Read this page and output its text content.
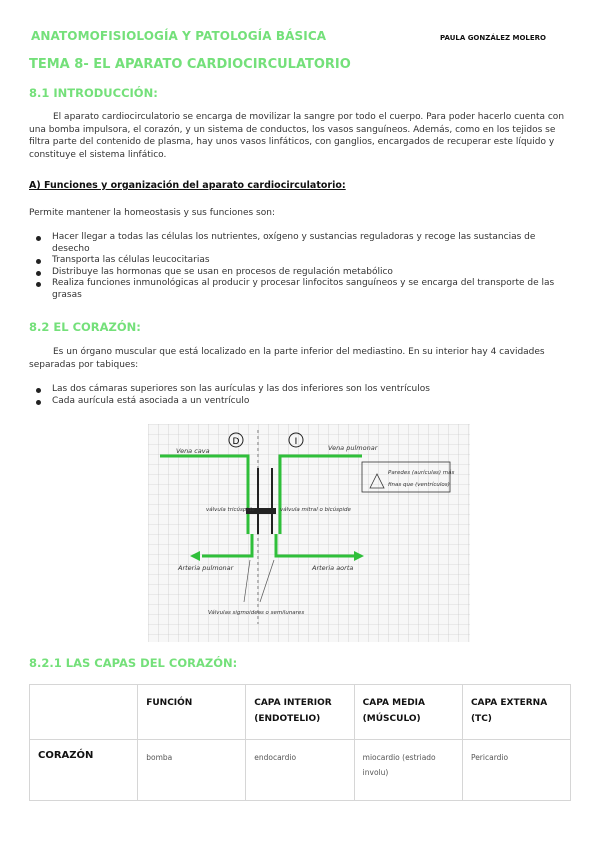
ANATOMOFISIOLOGÍA Y PATOLOGÍA BÁSICA	PAULA GONZÁLEZ MOLERO
TEMA 8- EL APARATO CARDIOCIRCULATORIO
8.1 INTRODUCCIÓN:
El aparato cardiocirculatorio se encarga de movilizar la sangre por todo el cuerpo. Para poder hacerlo cuenta con una bomba impulsora, el corazón, y un sistema de conductos, los vasos sanguíneos. Además, como en los tejidos se filtra parte del contenido de plasma, hay unos vasos linfáticos, con ganglios, encargados de recuperar este líquido y constituye el sistema linfático.
A) Funciones y organización del aparato cardiocirculatorio:
Permite mantener la homeostasis y sus funciones son:
Hacer llegar a todas las células los nutrientes, oxígeno y sustancias reguladoras y recoge las sustancias de desecho
Transporta las células leucocitarias
Distribuye las hormonas que se usan en procesos de regulación metabólico
Realiza funciones inmunológicas al producir y procesar linfocitos sanguíneos y se encarga del transporte de las grasas
8.2 EL CORAZÓN:
Es un órgano muscular que está localizado en la parte inferior del mediastino. En su interior hay 4 cavidades separadas por tabiques:
Las dos cámaras superiores son las aurículas y las dos inferiores son los ventrículos
Cada aurícula está asociada a un ventrículo
D	I
Vena cava	Vena pulmonar
válvula tricúspide	válvula mitral o bicúspide
Arteria pulmonar	Arteria aorta
Válvulas sigmoideas o semilunares
Paredes (aurículas) más
finas que (ventrículos)
8.2.1 LAS CAPAS DEL CORAZÓN:
	FUNCIÓN	CAPA INTERIOR (ENDOTELIO)	CAPA MEDIA (MÚSCULO)	CAPA EXTERNA (TC)
CORAZÓN	bomba	endocardio	miocardio (estriado involu)	Pericardio
